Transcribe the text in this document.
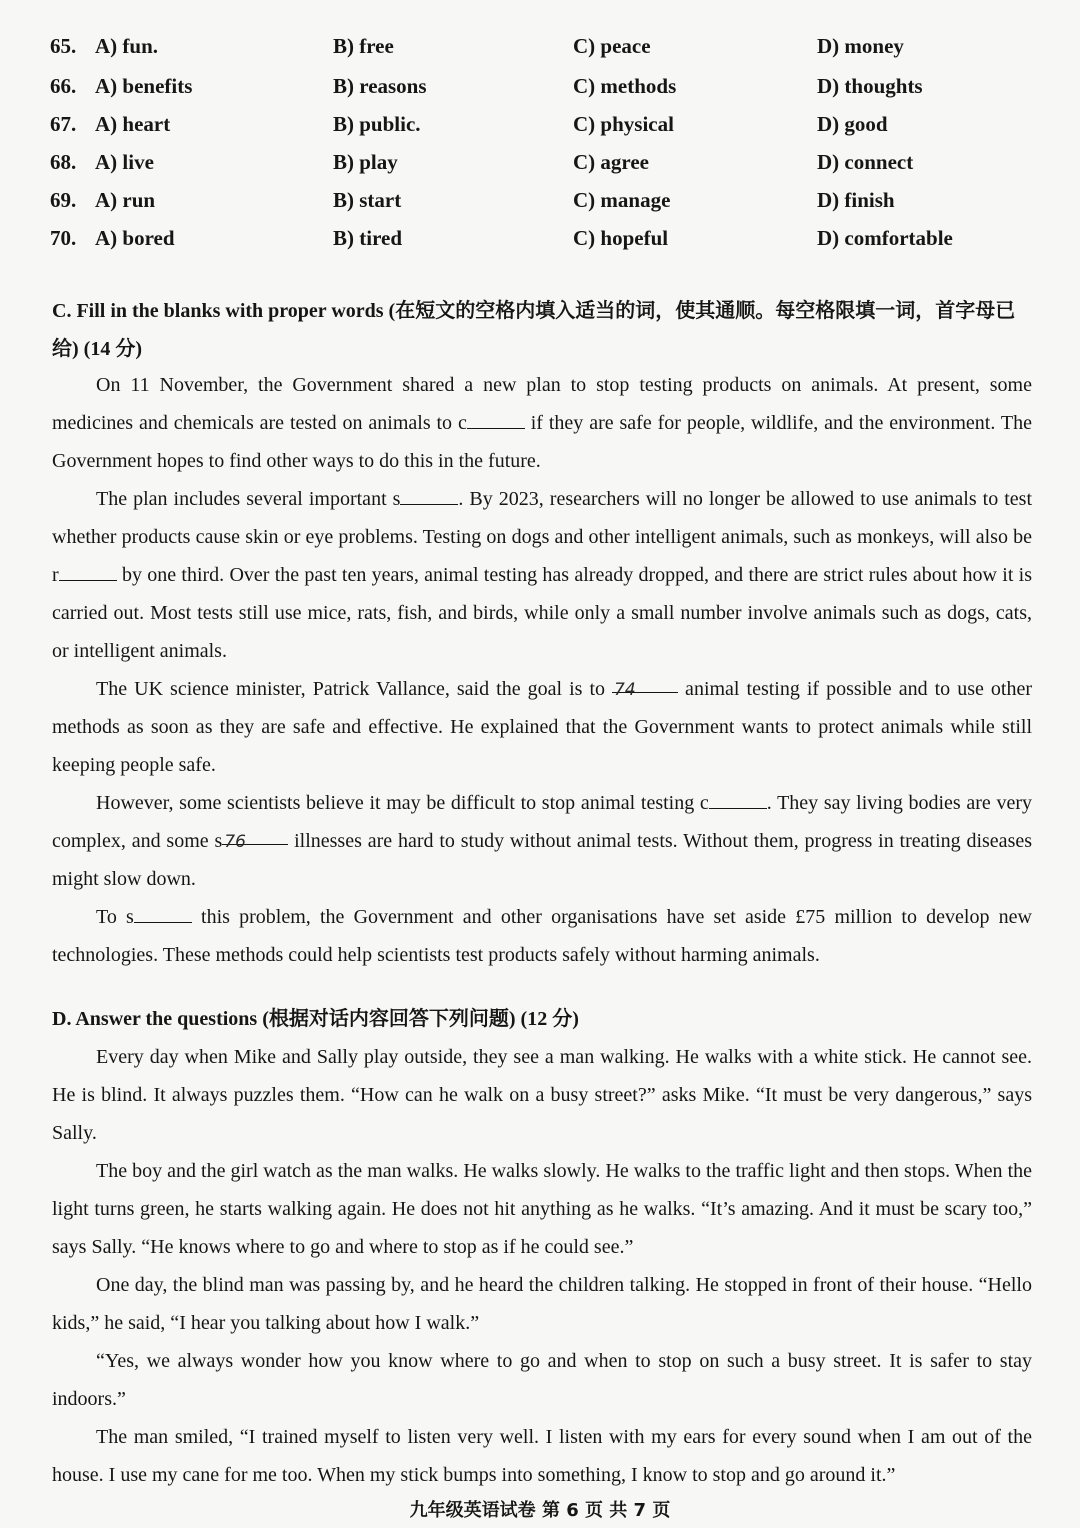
65. A) fun.	B) free	C) peace	D) money
66. A) benefits	B) reasons	C) methods	D) thoughts
67. A) heart	B) public.	C) physical	D) good
68. A) live	B) play	C) agree	D) connect
69. A) run	B) start	C) manage	D) finish
70. A) bored	B) tired	C) hopeful	D) comfortable
C. Fill in the blanks with proper words (在短文的空格内填入适当的词，使其通顺。每空格限填一词，首字母已给) (14 分)

On 11 November, the Government shared a new plan to stop testing products on animals. At present, some medicines and chemicals are tested on animals to c	if they are safe for people, wildlife, and the environment. The Government hopes to find other ways to do this in the future.

The plan includes several important s	. By 2023, researchers will no longer be allowed to use animals to test whether products cause skin or eye problems. Testing on dogs and other intelligent animals, such as monkeys, will also be r	by one third. Over the past ten years, animal testing has already dropped, and there are strict rules about how it is carried out. Most tests still use mice, rats, fish, and birds, while only a small number involve animals such as dogs, cats, or intelligent animals.

The UK science minister, Patrick Vallance, said the goal is to 74 animal testing if possible and to use other methods as soon as they are safe and effective. He explained that the Government wants to protect animals while still keeping people safe.

However, some scientists believe it may be difficult to stop animal testing c	. They say living bodies are very complex, and some s 76 illnesses are hard to study without animal tests. Without them, progress in treating diseases might slow down.

To s	this problem, the Government and other organisations have set aside £75 million to develop new technologies. These methods could help scientists test products safely without harming animals.

D. Answer the questions (根据对话内容回答下列问题) (12 分)

Every day when Mike and Sally play outside, they see a man walking. He walks with a white stick. He cannot see. He is blind. It always puzzles them. “How can he walk on a busy street?” asks Mike. “It must be very dangerous,” says Sally.

The boy and the girl watch as the man walks. He walks slowly. He walks to the traffic light and then stops. When the light turns green, he starts walking again. He does not hit anything as he walks. “It’s amazing. And it must be scary too,” says Sally. “He knows where to go and where to stop as if he could see.”

One day, the blind man was passing by, and he heard the children talking. He stopped in front of their house. “Hello kids,” he said, “I hear you talking about how I walk.”

“Yes, we always wonder how you know where to go and when to stop on such a busy street. It is safer to stay indoors.”

The man smiled, “I trained myself to listen very well. I listen with my ears for every sound when I am out of the house. I use my cane for me too. When my stick bumps into something, I know to stop and go around it.”

九年级英语试卷 第 6 页 共 7 页
